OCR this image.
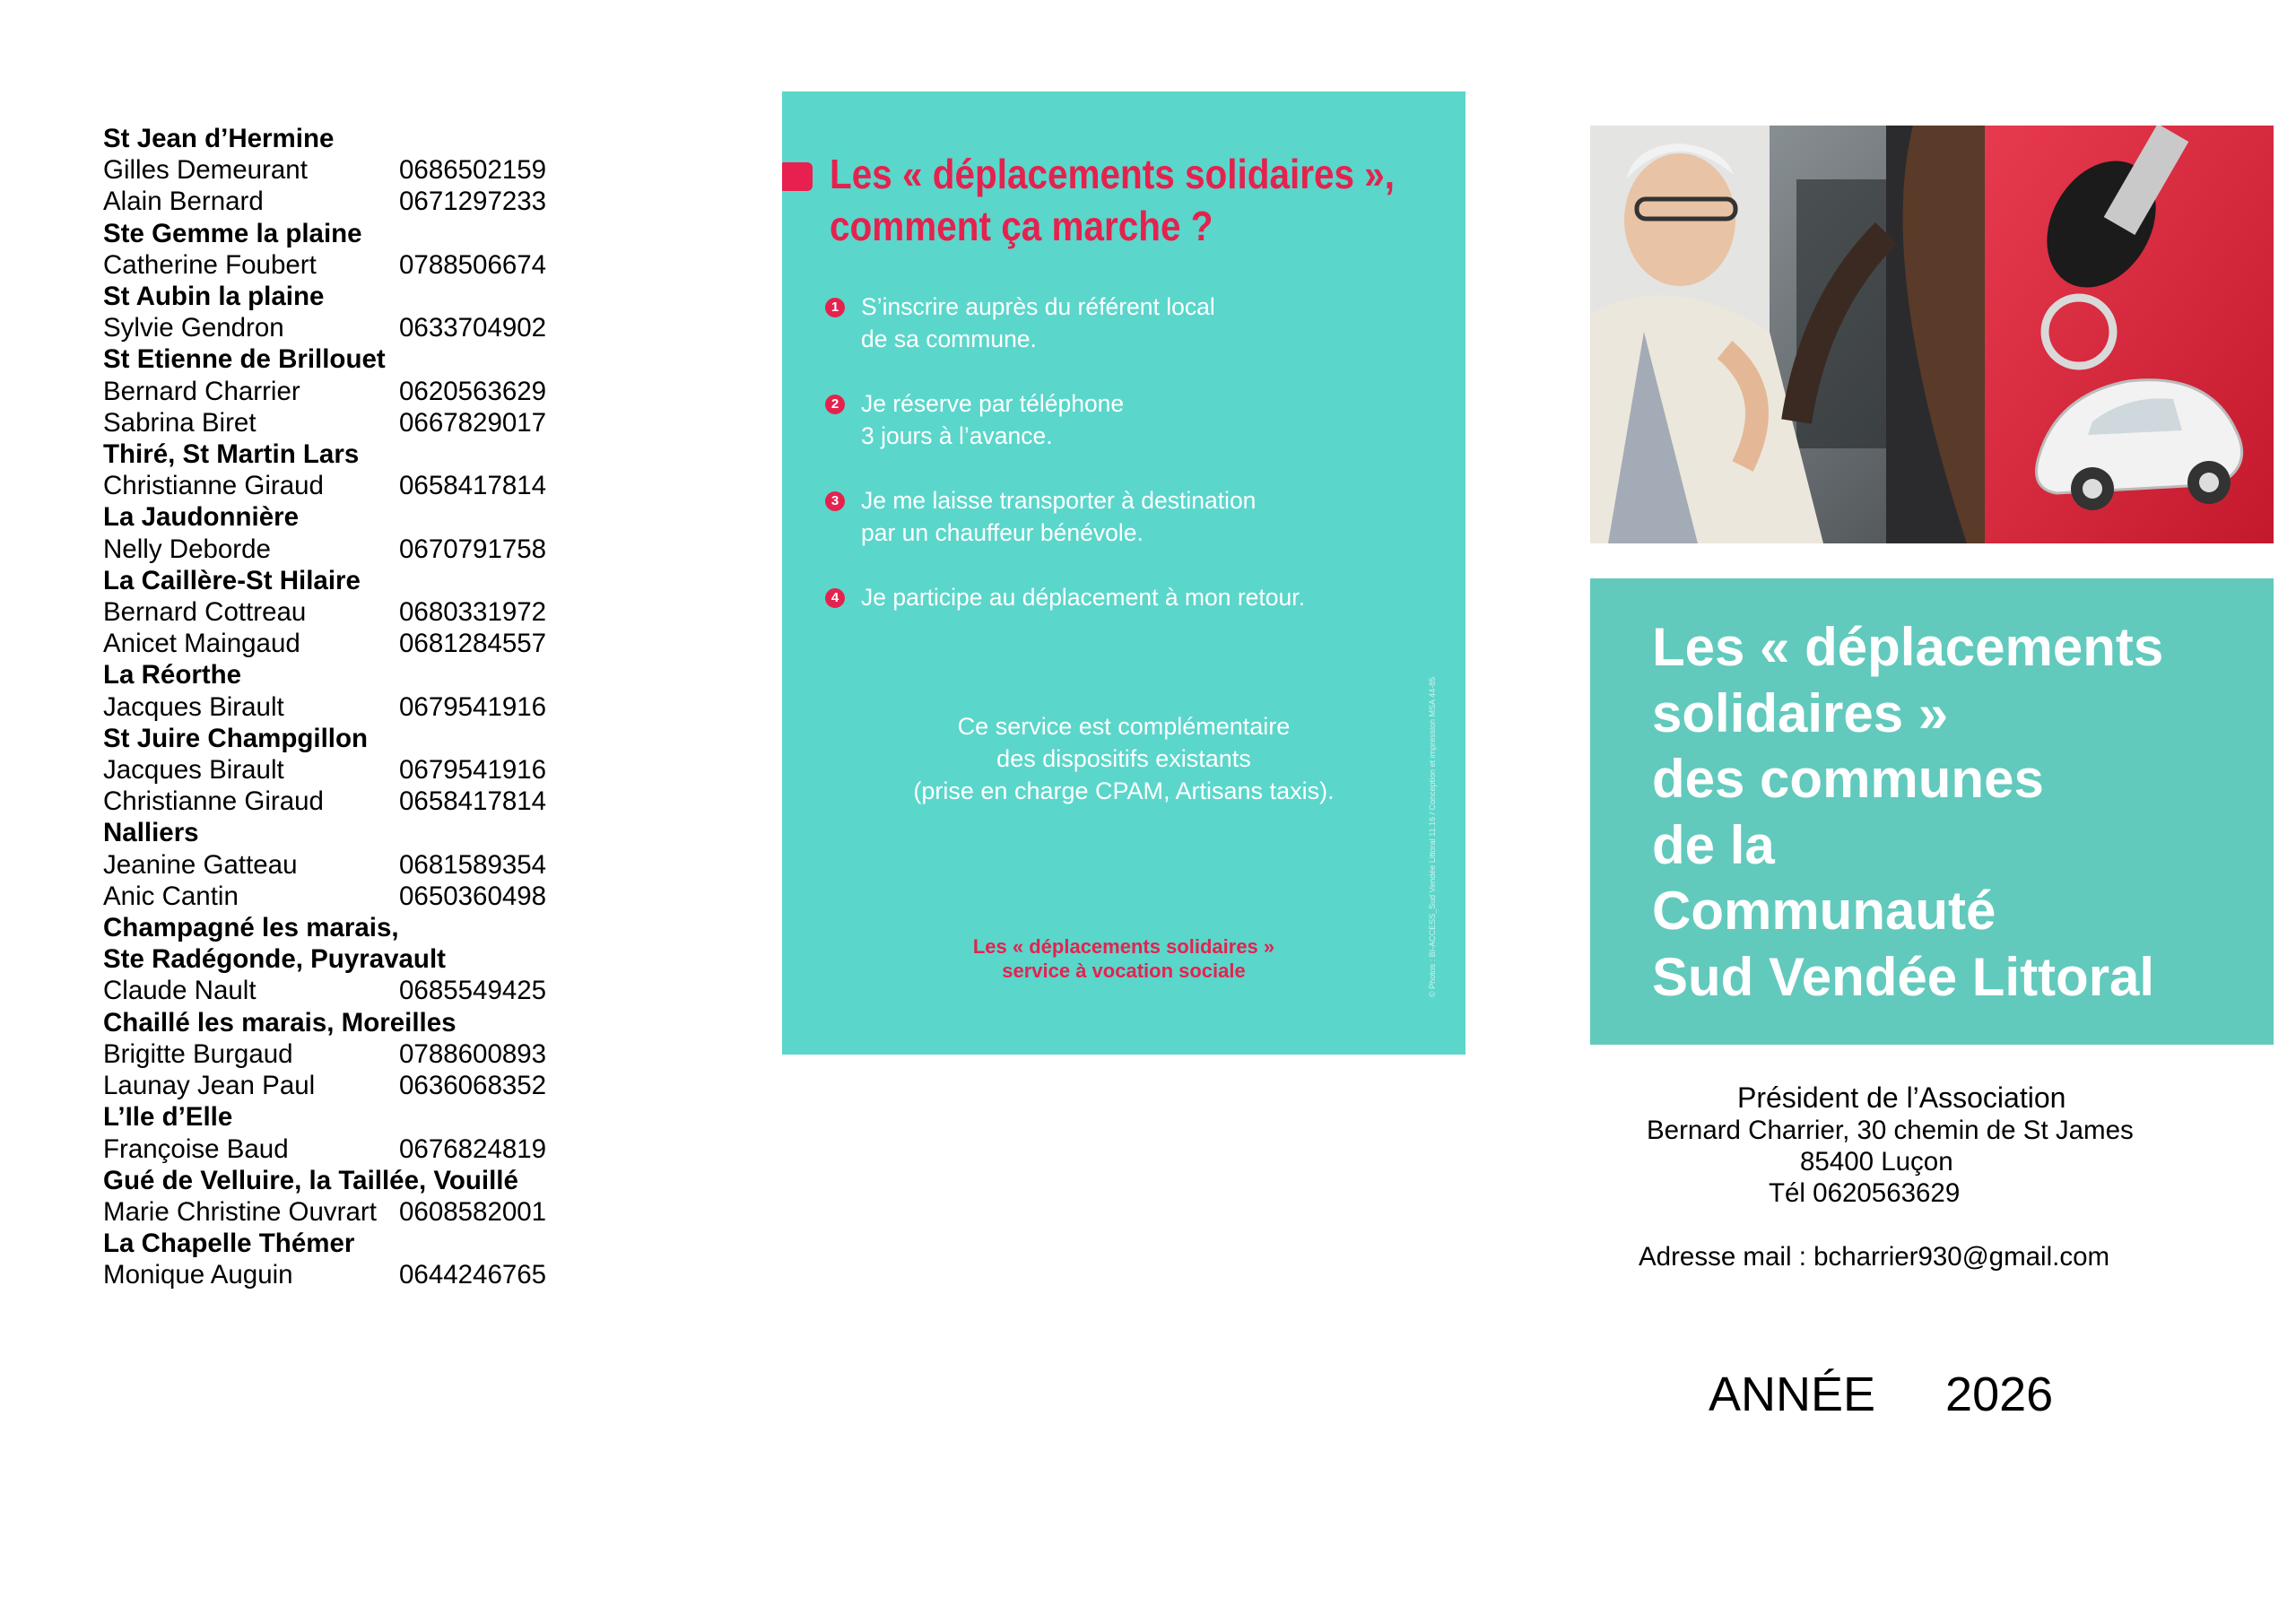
St Jean d’Hermine
Gilles Demeurant	0686502159
Alain Bernard	0671297233
Ste Gemme la plaine
Catherine Foubert	0788506674
St Aubin la plaine
Sylvie Gendron	0633704902
St Etienne de Brillouet
Bernard Charrier	0620563629
Sabrina Biret	0667829017
Thiré, St Martin Lars
Christianne Giraud	0658417814
La Jaudonnière
Nelly Deborde	0670791758
La Caillère-St Hilaire
Bernard Cottreau	0680331972
Anicet Maingaud	0681284557
La Réorthe
Jacques Birault	0679541916
St Juire Champgillon
Jacques Birault	0679541916
Christianne Giraud	0658417814
Nalliers
Jeanine Gatteau	0681589354
Anic Cantin	0650360498
Champagné les marais,
Ste Radégonde, Puyravault
Claude Nault	0685549425
Chaillé les marais, Moreilles
Brigitte Burgaud	0788600893
Launay Jean Paul	0636068352
L’Ile d’Elle
Françoise Baud	0676824819
Gué de Velluire, la Taillée, Vouillé
Marie Christine Ouvrart 0608582001
La Chapelle Thémer
Monique Auguin	0644246765
Les « déplacements solidaires »,
comment ça marche ?
1 S’inscrire auprès du référent local
de sa commune.
2 Je réserve par téléphone
3 jours à l’avance.
3 Je me laisse transporter à destination
par un chauffeur bénévole.
4 Je participe au déplacement à mon retour.
Ce service est complémentaire
des dispositifs existants
(prise en charge CPAM, Artisans taxis).
Les « déplacements solidaires »
service à vocation sociale	© Photos : BI-ACCESS_Sud Vendée Littoral 11.16 / Conception et impression MSA 44-85
Les « déplacements
solidaires »
des communes
de la
Communauté
Sud Vendée Littoral
Président de l’Association
Bernard Charrier, 30 chemin de St James
85400 Luçon
Tél 0620563629
Adresse mail : bcharrier930@gmail.com
ANNÉE 2026
